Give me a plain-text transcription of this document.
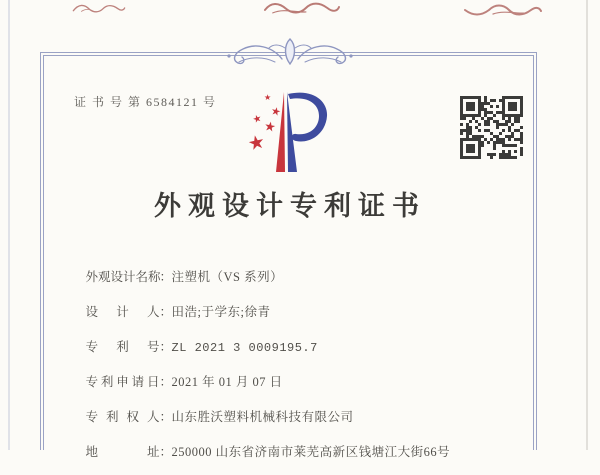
证 书 号 第 6584121 号
★
★
★
★
★
外观设计专利证书

外观设计名称：注塑机（VS 系列）

设计人：田浩;于学东;徐青

专利号：ZL 2021 3 0009195.7

专利申请日：2021 年 01 月 07 日

专利权人：山东胜沃塑料机械科技有限公司

地址：250000 山东省济南市莱芜高新区钱塘江大街66号
